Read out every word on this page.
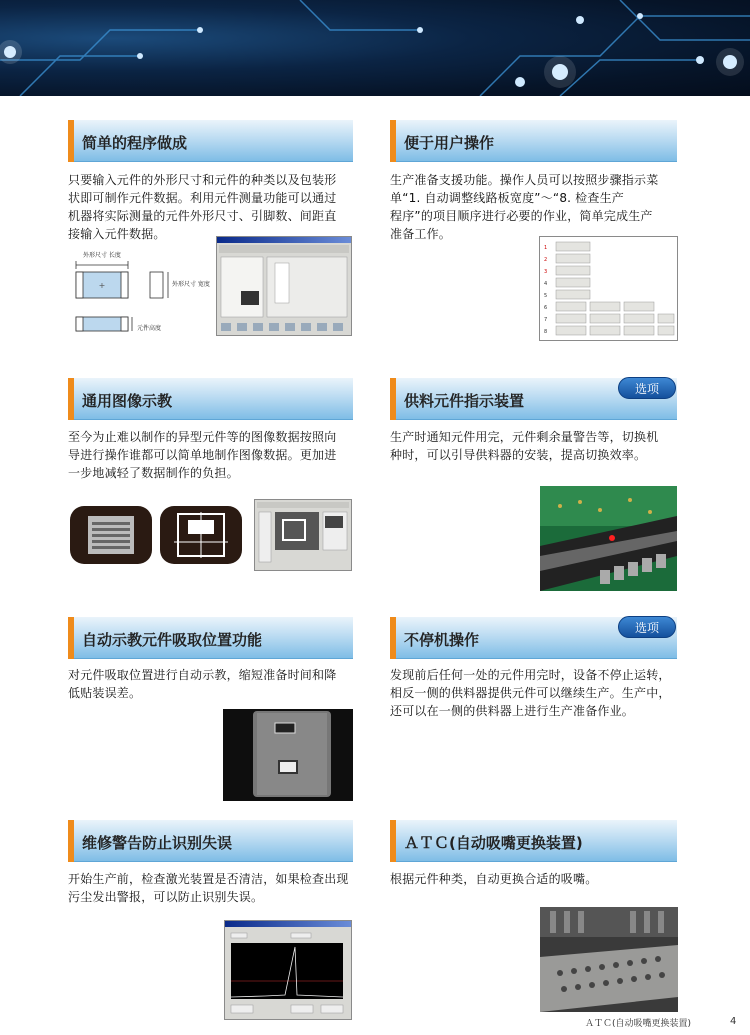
简单的程序做成
只要输入元件的外形尺寸和元件的种类以及包装形
状即可制作元件数据。利用元件测量功能可以通过
机器将实际测量的元件外形尺寸、引脚数、间距直
接输入元件数据。
+
外形尺寸 长度
外形尺寸 宽度
元件高度
便于用户操作
生产准备支援功能。操作人员可以按照步骤指示菜
单“1. 自动调整线路板宽度”～“8. 检查生产
程序”的项目顺序进行必要的作业，简单完成生产
准备工作。
1
2
3
4
5
6
7
8
通用图像示教
至今为止难以制作的异型元件等的图像数据按照向
导进行操作谁都可以简单地制作图像数据。更加进
一步地减轻了数据制作的负担。
供料元件指示装置
选项
生产时通知元件用完，元件剩余量警告等，切换机
种时，可以引导供料器的安装，提高切换效率。
自动示教元件吸取位置功能
对元件吸取位置进行自动示教，缩短准备时间和降
低贴装误差。
不停机操作
选项
发现前后任何一处的元件用完时，设备不停止运转，
相反一侧的供料器提供元件可以继续生产。生产中，
还可以在一侧的供料器上进行生产准备作业。
维修警告防止识别失误
开始生产前，检查激光装置是否清洁，如果检查出现
污尘发出警报，可以防止识别失误。
ＡＴＣ(自动吸嘴更换装置)
根据元件种类，自动更换合适的吸嘴。
ＡＴＣ(自动吸嘴更换装置)	4
